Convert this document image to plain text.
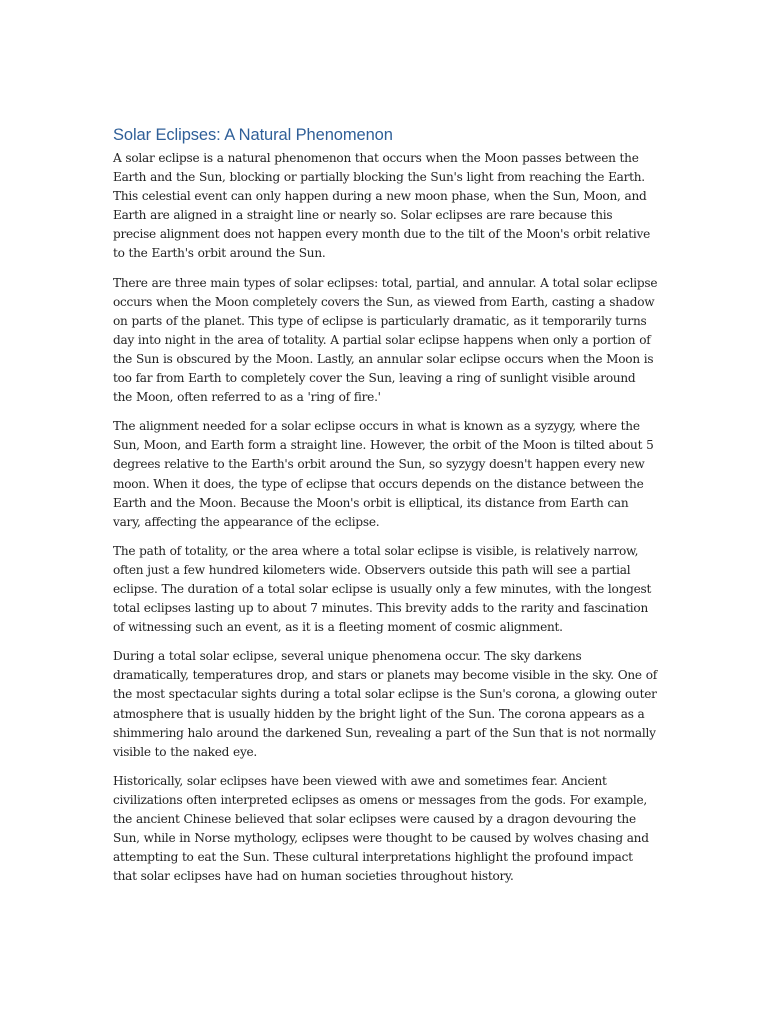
Solar Eclipses: A Natural Phenomenon

A solar eclipse is a natural phenomenon that occurs when the Moon passes between the Earth and the Sun, blocking or partially blocking the Sun's light from reaching the Earth. This celestial event can only happen during a new moon phase, when the Sun, Moon, and Earth are aligned in a straight line or nearly so. Solar eclipses are rare because this precise alignment does not happen every month due to the tilt of the Moon's orbit relative to the Earth's orbit around the Sun.

There are three main types of solar eclipses: total, partial, and annular. A total solar eclipse occurs when the Moon completely covers the Sun, as viewed from Earth, casting a shadow on parts of the planet. This type of eclipse is particularly dramatic, as it temporarily turns day into night in the area of totality. A partial solar eclipse happens when only a portion of the Sun is obscured by the Moon. Lastly, an annular solar eclipse occurs when the Moon is too far from Earth to completely cover the Sun, leaving a ring of sunlight visible around the Moon, often referred to as a 'ring of fire.'

The alignment needed for a solar eclipse occurs in what is known as a syzygy, where the Sun, Moon, and Earth form a straight line. However, the orbit of the Moon is tilted about 5 degrees relative to the Earth's orbit around the Sun, so syzygy doesn't happen every new moon. When it does, the type of eclipse that occurs depends on the distance between the Earth and the Moon. Because the Moon's orbit is elliptical, its distance from Earth can vary, affecting the appearance of the eclipse.

The path of totality, or the area where a total solar eclipse is visible, is relatively narrow, often just a few hundred kilometers wide. Observers outside this path will see a partial eclipse. The duration of a total solar eclipse is usually only a few minutes, with the longest total eclipses lasting up to about 7 minutes. This brevity adds to the rarity and fascination of witnessing such an event, as it is a fleeting moment of cosmic alignment.

During a total solar eclipse, several unique phenomena occur. The sky darkens dramatically, temperatures drop, and stars or planets may become visible in the sky. One of the most spectacular sights during a total solar eclipse is the Sun's corona, a glowing outer atmosphere that is usually hidden by the bright light of the Sun. The corona appears as a shimmering halo around the darkened Sun, revealing a part of the Sun that is not normally visible to the naked eye.

Historically, solar eclipses have been viewed with awe and sometimes fear. Ancient civilizations often interpreted eclipses as omens or messages from the gods. For example, the ancient Chinese believed that solar eclipses were caused by a dragon devouring the Sun, while in Norse mythology, eclipses were thought to be caused by wolves chasing and attempting to eat the Sun. These cultural interpretations highlight the profound impact that solar eclipses have had on human societies throughout history.
